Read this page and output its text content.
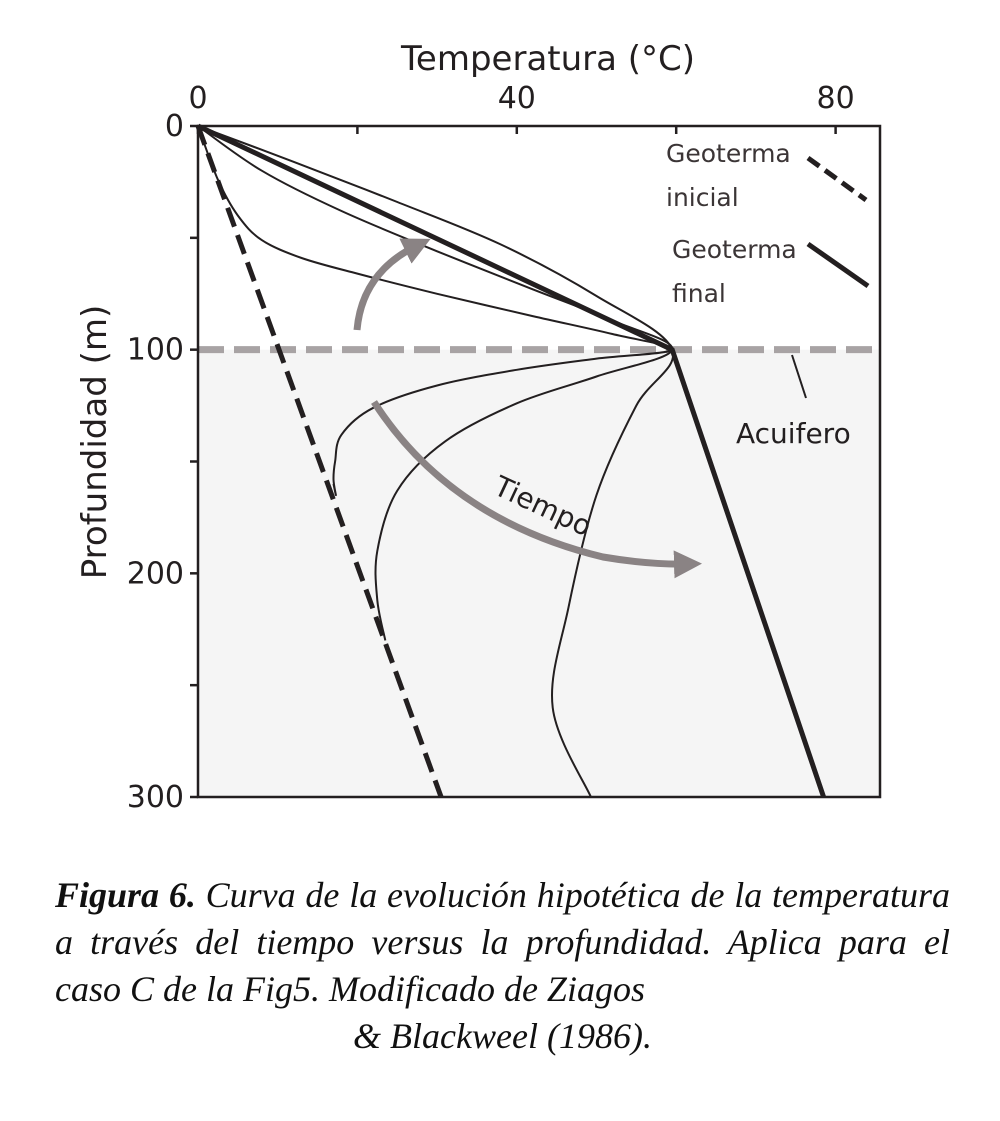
0	40	80
0
100
200
300
Geoterma
inicial
Geoterma
final
Acuifero
Tiempo
Temperatura (°C)
Profundidad (m)
Figura 6. Curva de la evolución hipotética de la temperatura a través del tiempo versus la profundidad. Aplica para el caso C de la Fig5. Modificado de Ziagos
& Blackweel (1986).
